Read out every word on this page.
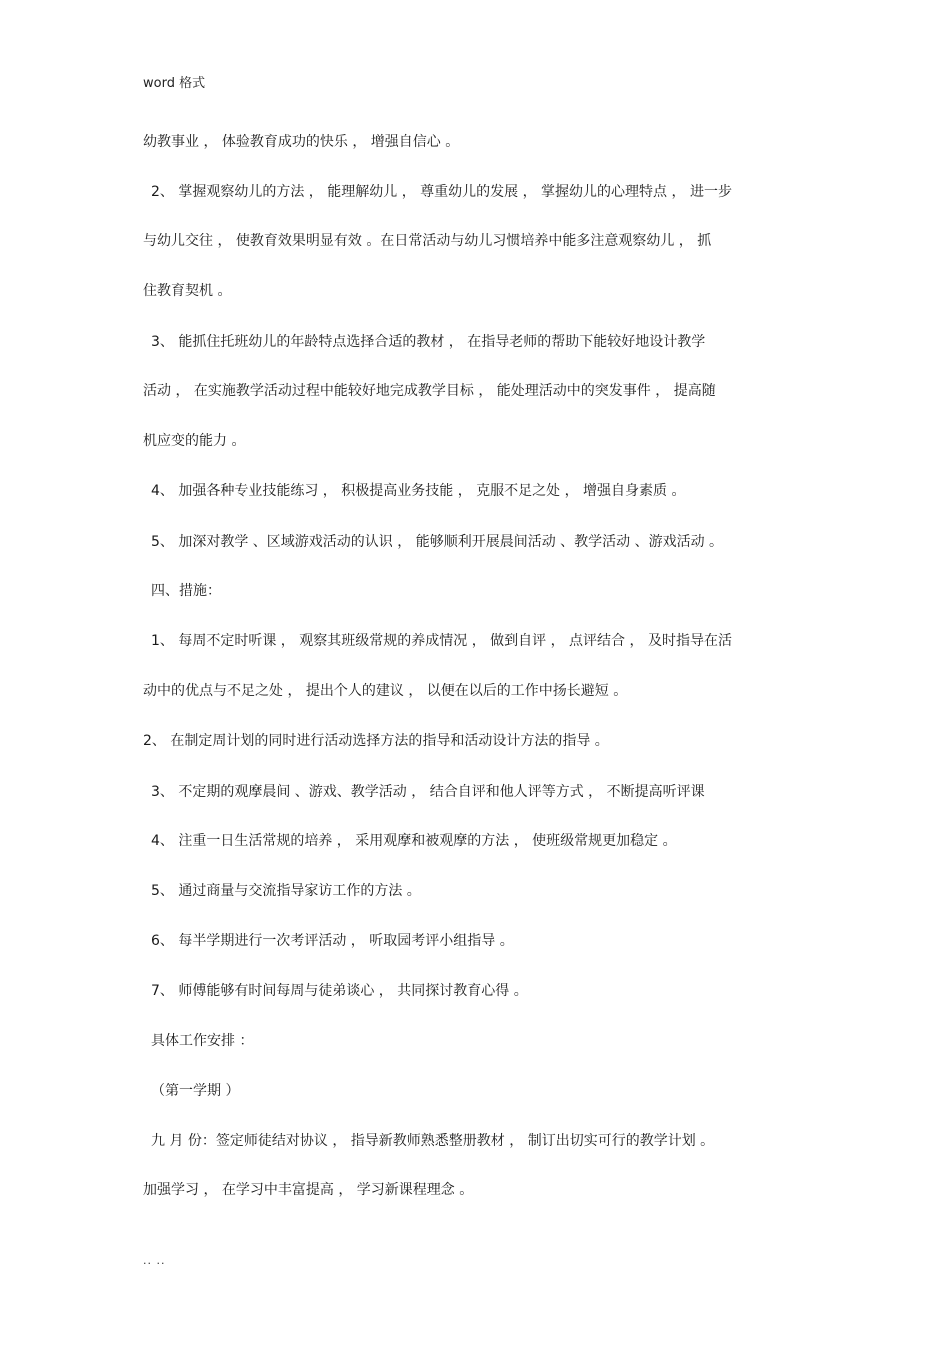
word 格式
幼教事业 ， 体验教育成功的快乐 ， 增强自信心 。
2、 掌握观察幼儿的方法 ， 能理解幼儿 ， 尊重幼儿的发展 ， 掌握幼儿的心理特点 ， 进一步
与幼儿交往 ， 使教育效果明显有效 。在日常活动与幼儿习惯培养中能多注意观察幼儿 ， 抓
住教育契机 。
3、 能抓住托班幼儿的年龄特点选择合适的教材 ， 在指导老师的帮助下能较好地设计教学
活动 ， 在实施教学活动过程中能较好地完成教学目标 ， 能处理活动中的突发事件 ， 提高随
机应变的能力 。
4、 加强各种专业技能练习 ， 积极提高业务技能 ， 克服不足之处 ， 增强自身素质 。
5、 加深对教学 、区域游戏活动的认识 ， 能够顺利开展晨间活动 、教学活动 、游戏活动 。
四、措施：
1、 每周不定时听课 ， 观察其班级常规的养成情况 ， 做到自评 ， 点评结合 ， 及时指导在活
动中的优点与不足之处 ， 提出个人的建议 ， 以便在以后的工作中扬长避短 。
2、 在制定周计划的同时进行活动选择方法的指导和活动设计方法的指导 。
3、 不定期的观摩晨间 、游戏、教学活动 ， 结合自评和他人评等方式 ， 不断提高听评课
4、 注重一日生活常规的培养 ， 采用观摩和被观摩的方法 ， 使班级常规更加稳定 。
5、 通过商量与交流指导家访工作的方法 。
6、 每半学期进行一次考评活动 ， 听取园考评小组指导 。
7、 师傅能够有时间每周与徒弟谈心 ， 共同探讨教育心得 。
具体工作安排 ：
（第一学期 ）
九 月 份：签定师徒结对协议 ， 指导新教师熟悉整册教材 ， 制订出切实可行的教学计划 。
加强学习 ， 在学习中丰富提高 ， 学习新课程理念 。
.. ..
